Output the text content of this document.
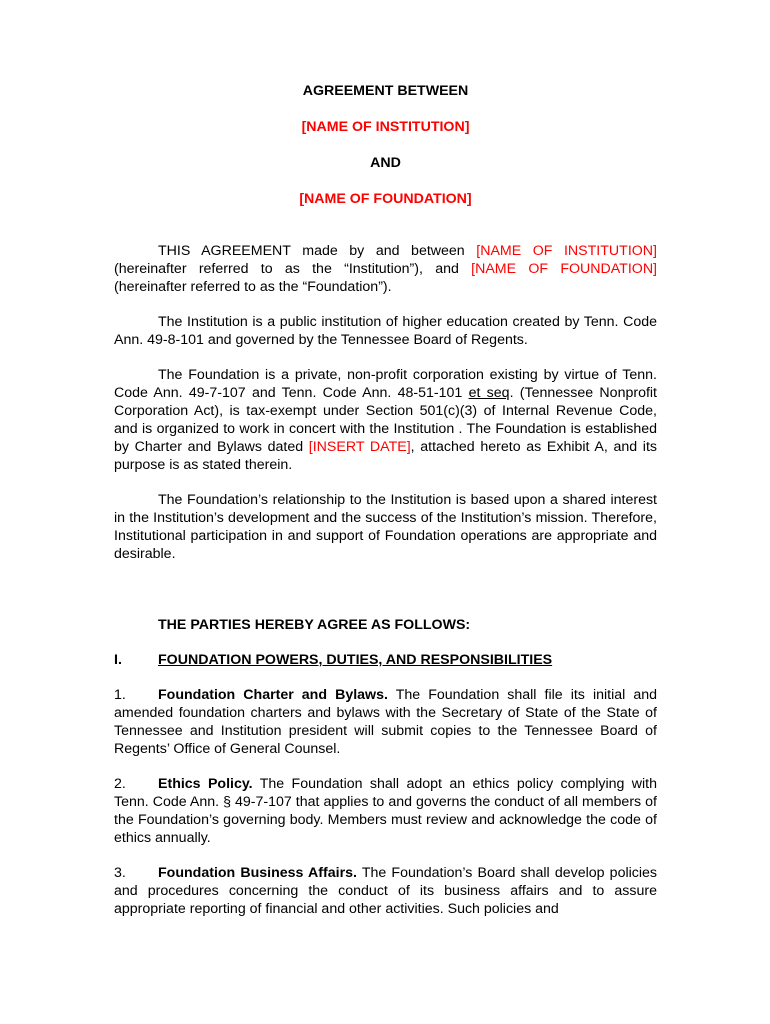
AGREEMENT BETWEEN

[NAME OF INSTITUTION]

AND

[NAME OF FOUNDATION]

THIS AGREEMENT made by and between [NAME OF INSTITUTION] (hereinafter referred to as the “Institution”), and [NAME OF FOUNDATION] (hereinafter referred to as the “Foundation”).

The Institution is a public institution of higher education created by Tenn. Code Ann. 49-8-101 and governed by the Tennessee Board of Regents.

The Foundation is a private, non-profit corporation existing by virtue of Tenn. Code Ann. 49-7-107 and Tenn. Code Ann. 48-51-101 et seq. (Tennessee Nonprofit Corporation Act), is tax-exempt under Section 501(c)(3) of Internal Revenue Code, and is organized to work in concert with the Institution . The Foundation is established by Charter and Bylaws dated [INSERT DATE], attached hereto as Exhibit A, and its purpose is as stated therein.

The Foundation’s relationship to the Institution is based upon a shared interest in the Institution’s development and the success of the Institution’s mission. Therefore, Institutional participation in and support of Foundation operations are appropriate and desirable.

THE PARTIES HEREBY AGREE AS FOLLOWS:

I.	FOUNDATION POWERS, DUTIES, AND RESPONSIBILITIES

1. Foundation Charter and Bylaws. The Foundation shall file its initial and amended foundation charters and bylaws with the Secretary of State of the State of Tennessee and Institution president will submit copies to the Tennessee Board of Regents’ Office of General Counsel.

2. Ethics Policy. The Foundation shall adopt an ethics policy complying with Tenn. Code Ann. § 49-7-107 that applies to and governs the conduct of all members of the Foundation’s governing body. Members must review and acknowledge the code of ethics annually.

3. Foundation Business Affairs. The Foundation’s Board shall develop policies and procedures concerning the conduct of its business affairs and to assure appropriate reporting of financial and other activities. Such policies and
